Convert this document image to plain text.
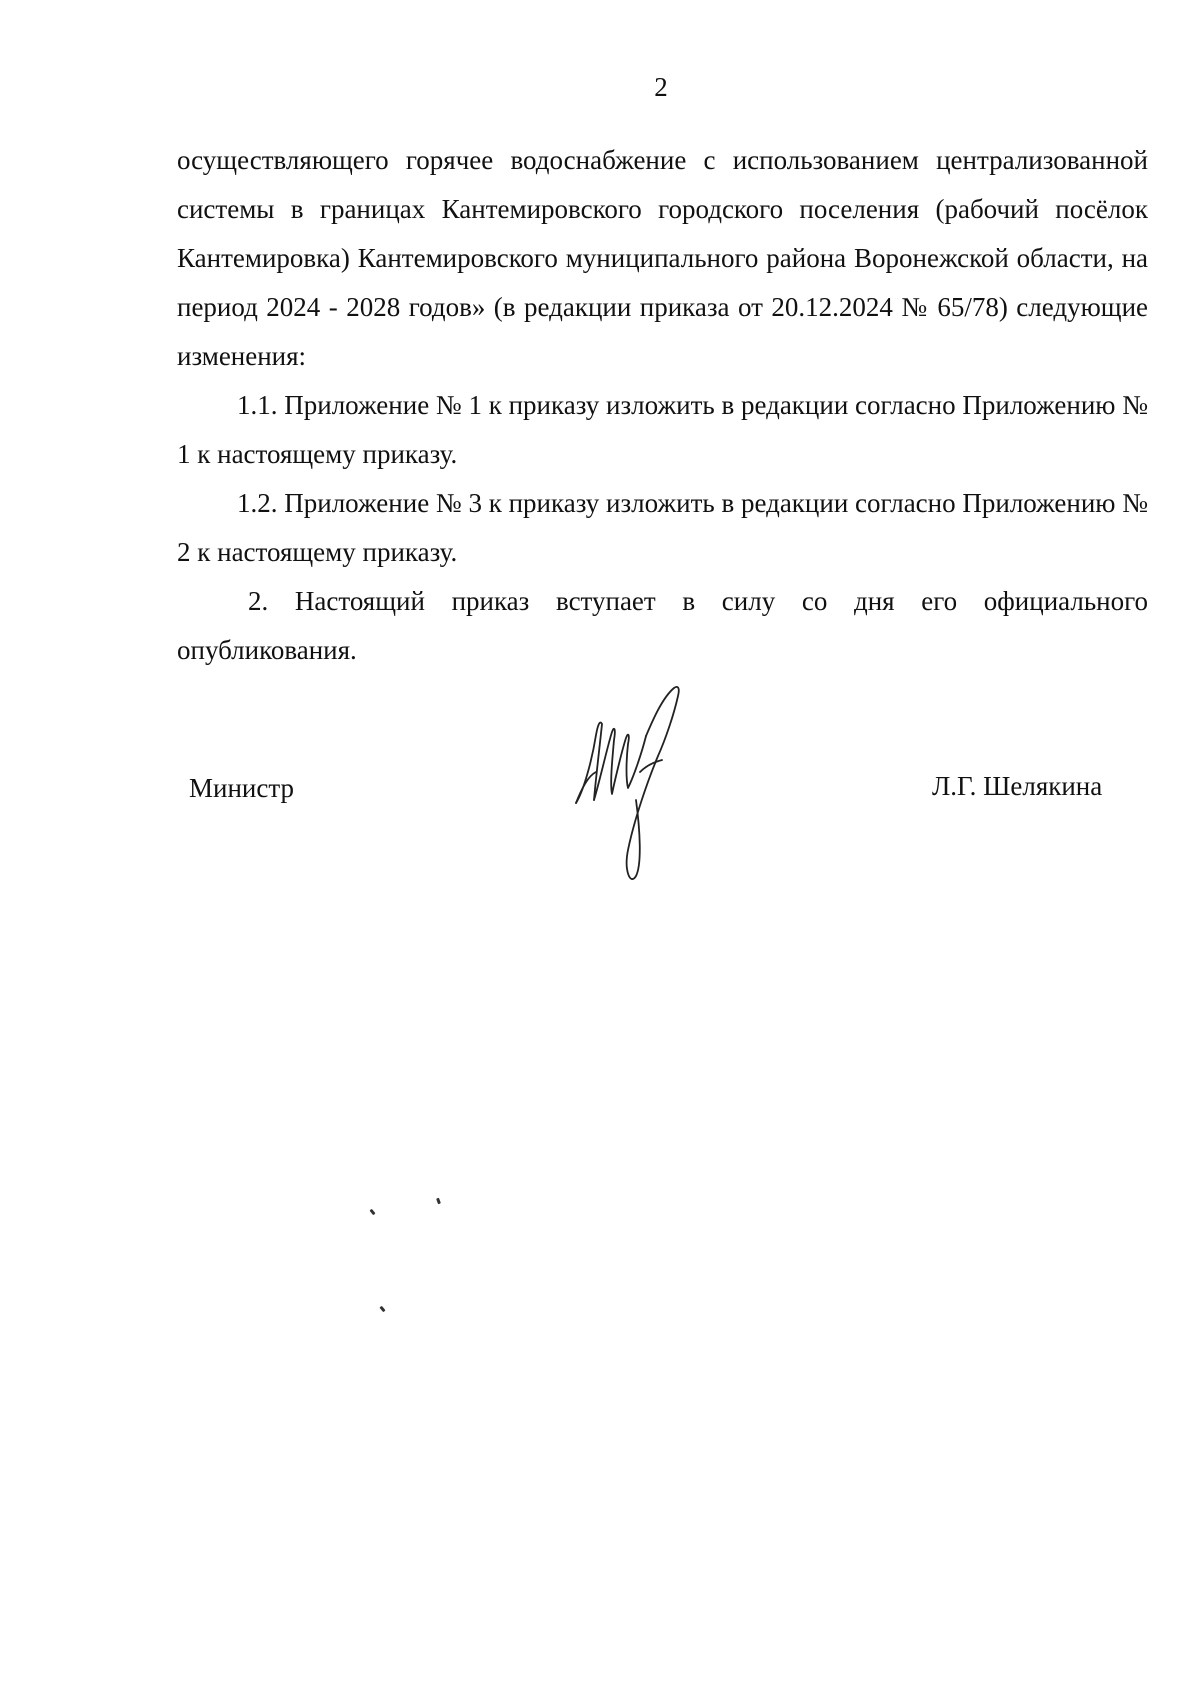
2

осуществляющего горячее водоснабжение с использованием централизованной системы в границах Кантемировского городского поселения (рабочий посёлок Кантемировка) Кантемировского муниципального района Воронежской области, на период 2024 - 2028 годов» (в редакции приказа от 20.12.2024 № 65/78) следующие изменения:

1.1. Приложение № 1 к приказу изложить в редакции согласно Приложению № 1 к настоящему приказу.

1.2. Приложение № 3 к приказу изложить в редакции согласно Приложению № 2 к настоящему приказу.

2. Настоящий приказ вступает в силу со дня его официального опубликования.

Министр	Л.Г. Шелякина
